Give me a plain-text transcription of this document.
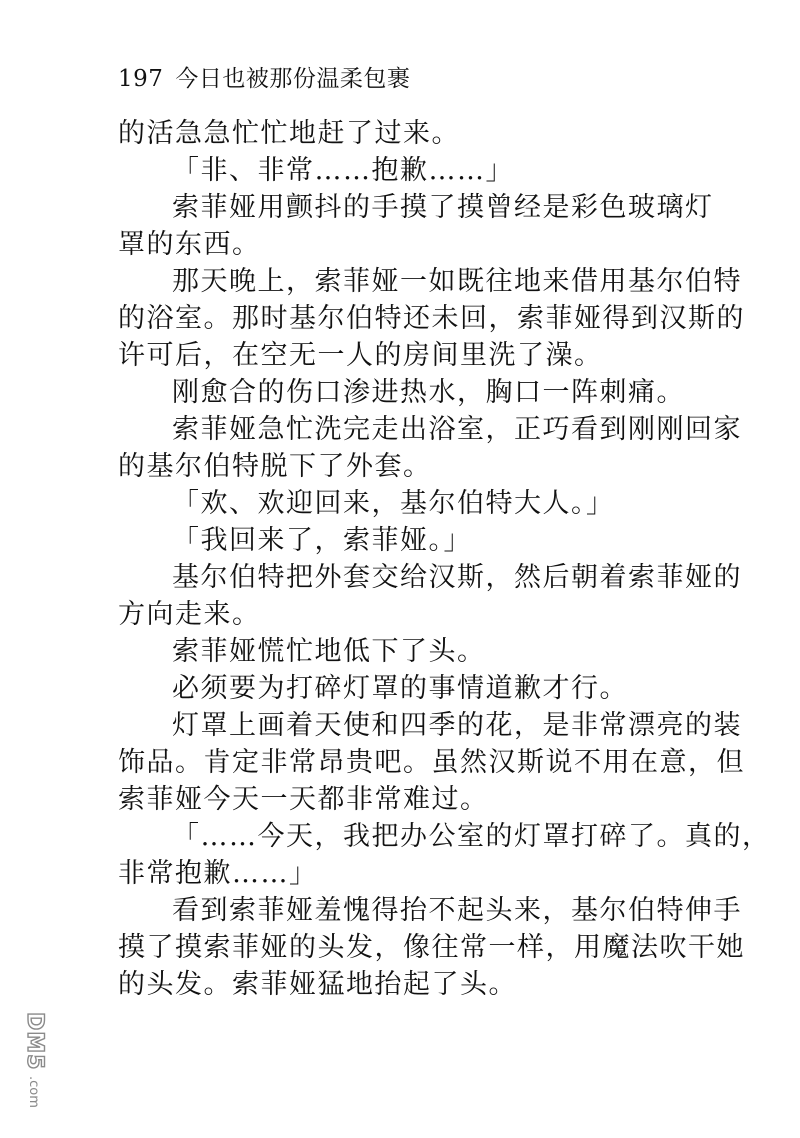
197 今日也被那份温柔包裹
的活急急忙忙地赶了过来。
「非、非常……抱歉……」
索菲娅用颤抖的手摸了摸曾经是彩色玻璃灯
罩的东西。
那天晚上，索菲娅一如既往地来借用基尔伯特
的浴室。那时基尔伯特还未回，索菲娅得到汉斯的
许可后，在空无一人的房间里洗了澡。
刚愈合的伤口渗进热水，胸口一阵刺痛。
索菲娅急忙洗完走出浴室，正巧看到刚刚回家
的基尔伯特脱下了外套。
「欢、欢迎回来，基尔伯特大人。」
「我回来了，索菲娅。」
基尔伯特把外套交给汉斯，然后朝着索菲娅的
方向走来。
索菲娅慌忙地低下了头。
必须要为打碎灯罩的事情道歉才行。
灯罩上画着天使和四季的花，是非常漂亮的装
饰品。肯定非常昂贵吧。虽然汉斯说不用在意，但
索菲娅今天一天都非常难过。
「……今天，我把办公室的灯罩打碎了。真的，
非常抱歉……」
看到索菲娅羞愧得抬不起头来，基尔伯特伸手
摸了摸索菲娅的头发，像往常一样，用魔法吹干她
的头发。索菲娅猛地抬起了头。
DM5
.com
